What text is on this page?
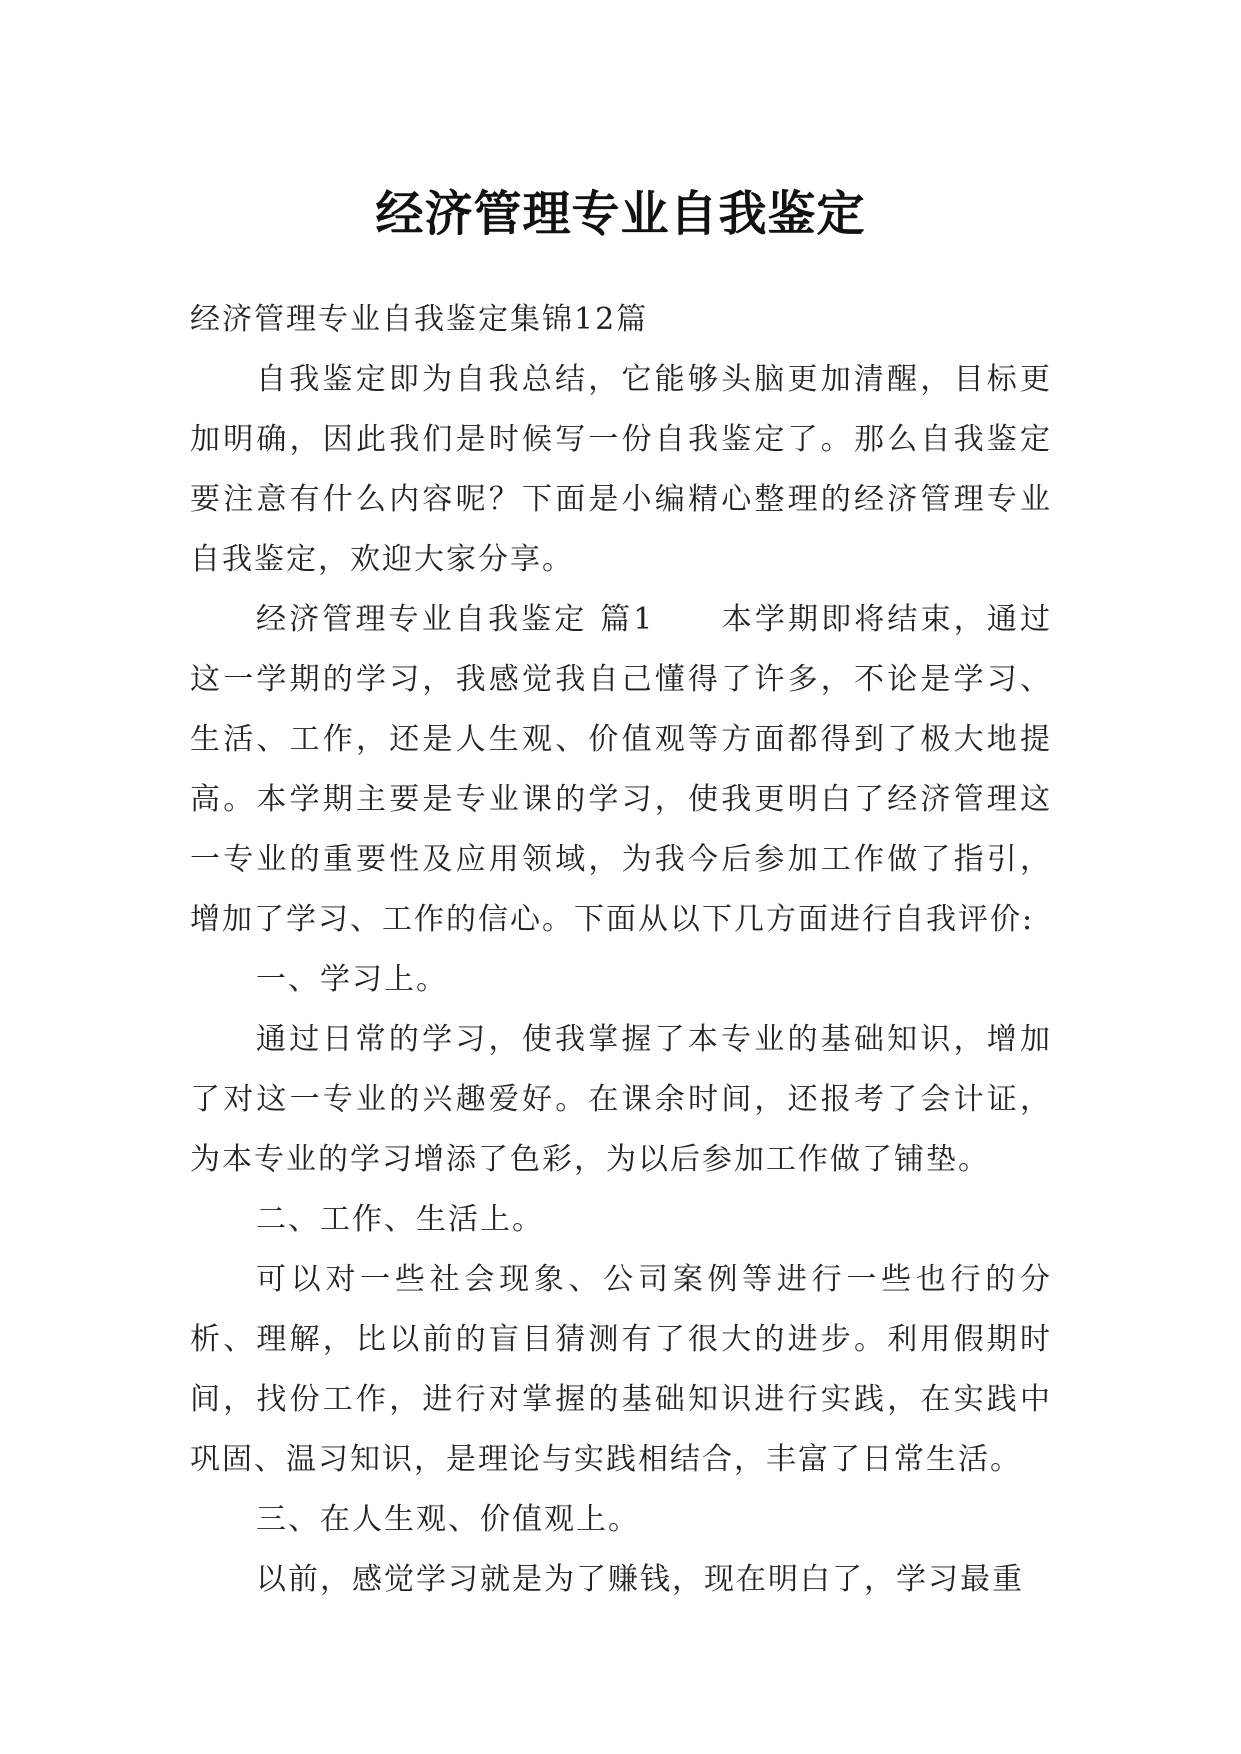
经济管理专业自我鉴定

经济管理专业自我鉴定集锦12篇

自我鉴定即为自我总结，它能够头脑更加清醒，目标更加明确，因此我们是时候写一份自我鉴定了。那么自我鉴定要注意有什么内容呢？下面是小编精心整理的经济管理专业自我鉴定，欢迎大家分享。

经济管理专业自我鉴定 篇1　　本学期即将结束，通过这一学期的学习，我感觉我自己懂得了许多，不论是学习、生活、工作，还是人生观、价值观等方面都得到了极大地提高。本学期主要是专业课的学习，使我更明白了经济管理这一专业的重要性及应用领域，为我今后参加工作做了指引，增加了学习、工作的信心。下面从以下几方面进行自我评价:

一、学习上。

通过日常的学习，使我掌握了本专业的基础知识，增加了对这一专业的兴趣爱好。在课余时间，还报考了会计证，为本专业的学习增添了色彩，为以后参加工作做了铺垫。

二、工作、生活上。

可以对一些社会现象、公司案例等进行一些也行的分析、理解，比以前的盲目猜测有了很大的进步。利用假期时间，找份工作，进行对掌握的基础知识进行实践，在实践中巩固、温习知识，是理论与实践相结合，丰富了日常生活。

三、在人生观、价值观上。

以前，感觉学习就是为了赚钱，现在明白了，学习最重
